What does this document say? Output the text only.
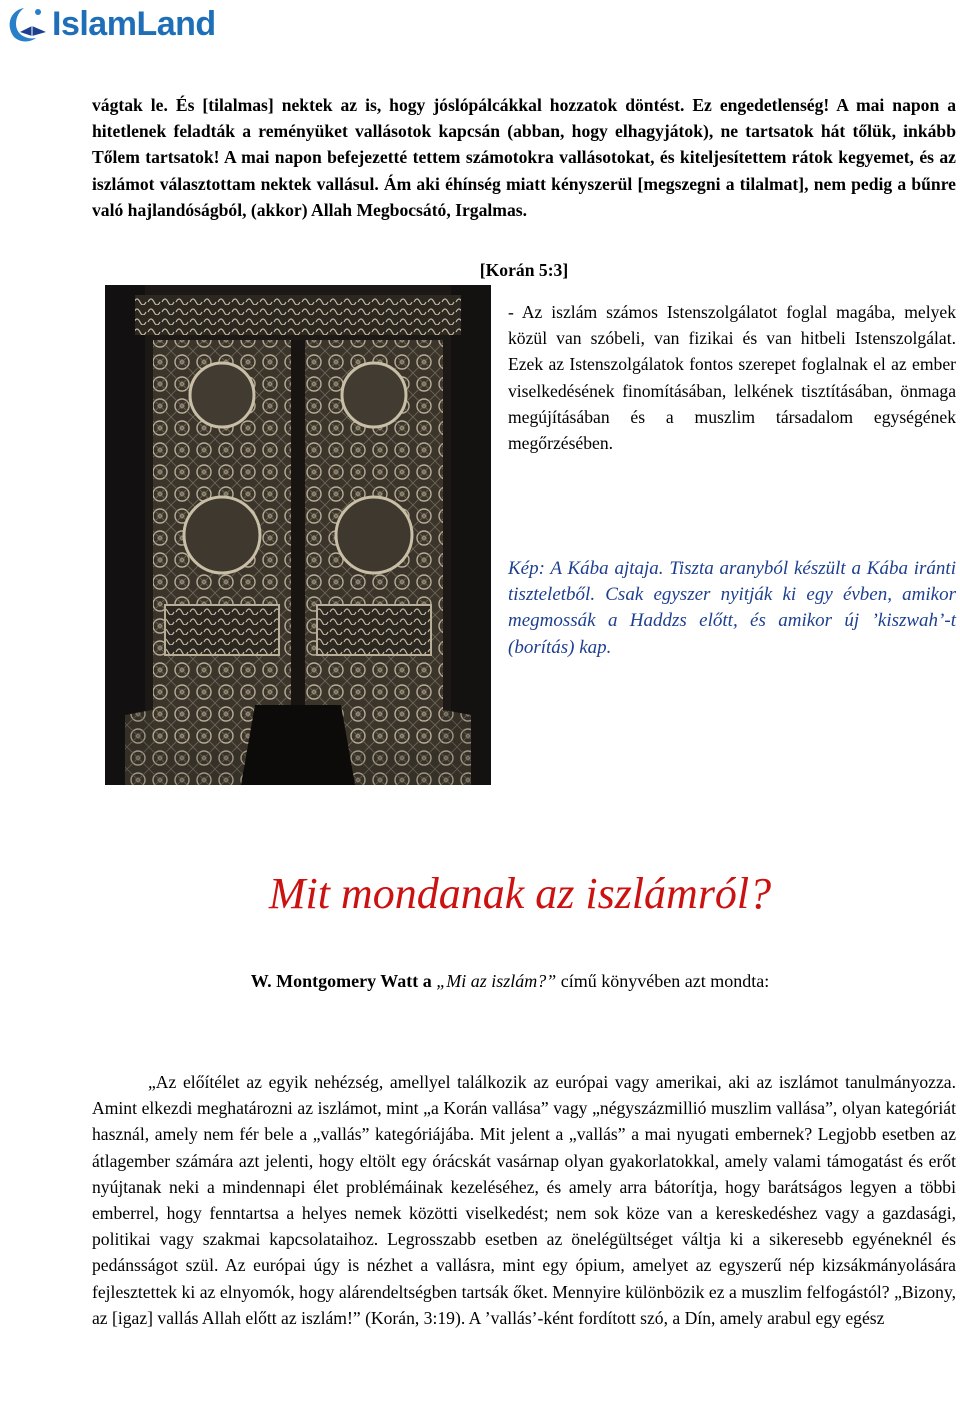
IslamLand
vágtak le. És [tilalmas] nektek az is, hogy jóslópálcákkal hozzatok döntést. Ez engedetlenség! A mai napon a hitetlenek feladták a reményüket vallásotok kapcsán (abban, hogy elhagyjátok), ne tartsatok hát tőlük, inkább Tőlem tartsatok! A mai napon befejezetté tettem számotokra vallásotokat, és kiteljesítettem rátok kegyemet, és az iszlámot választottam nektek vallásul. Ám aki éhínség miatt kényszerül [megszegni a tilalmat], nem pedig a bűnre való hajlandóságból, (akkor) Allah Megbocsátó, Irgalmas.
[Korán 5:3]
- Az iszlám számos Istenszolgálatot foglal magába, melyek közül van szóbeli, van fizikai és van hitbeli Istenszolgálat. Ezek az Istenszolgálatok fontos szerepet foglalnak el az ember viselkedésének finomításában, lelkének tisztításában, önmaga megújításában és a muszlim társadalom egységének megőrzésében.
Kép: A Kába ajtaja. Tiszta aranyból készült a Kába iránti tiszteletből. Csak egyszer nyitják ki egy évben, amikor megmossák a Haddzs előtt, és amikor új ’kiszwah’-t (borítás) kap.
Mit mondanak az iszlámról?
W. Montgomery Watt a „Mi az iszlám?” című könyvében azt mondta:
„Az előítélet az egyik nehézség, amellyel találkozik az európai vagy amerikai, aki az iszlámot tanulmányozza. Amint elkezdi meghatározni az iszlámot, mint „a Korán vallása” vagy „négyszázmillió muszlim vallása”, olyan kategóriát használ, amely nem fér bele a „vallás” kategóriájába. Mit jelent a „vallás” a mai nyugati embernek? Legjobb esetben az átlagember számára azt jelenti, hogy eltölt egy órácskát vasárnap olyan gyakorlatokkal, amely valami támogatást és erőt nyújtanak neki a mindennapi élet problémáinak kezeléséhez, és amely arra bátorítja, hogy barátságos legyen a többi emberrel, hogy fenntartsa a helyes nemek közötti viselkedést; nem sok köze van a kereskedéshez vagy a gazdasági, politikai vagy szakmai kapcsolataihoz. Legrosszabb esetben az önelégültséget váltja ki a sikeresebb egyéneknél és pedánsságot szül. Az európai úgy is nézhet a vallásra, mint egy ópium, amelyet az egyszerű nép kizsákmányolására fejlesztettek ki az elnyomók, hogy alárendeltségben tartsák őket. Mennyire különbözik ez a muszlim felfogástól? „Bizony, az [igaz] vallás Allah előtt az iszlám!” (Korán, 3:19). A ’vallás’-ként fordított szó, a Dín, amely arabul egy egész
